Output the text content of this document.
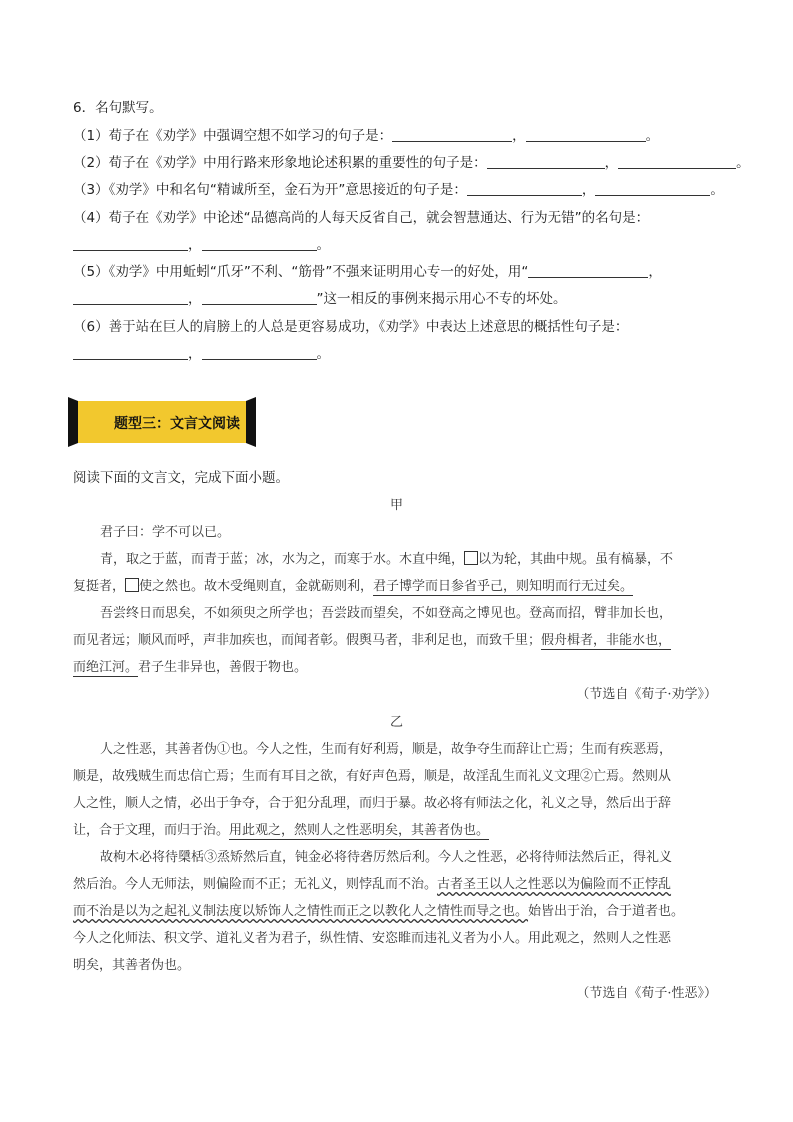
6．名句默写。
（1）荀子在《劝学》中强调空想不如学习的句子是：	，	。
（2）荀子在《劝学》中用行路来形象地论述积累的重要性的句子是：	，	。
（3）《劝学》中和名句“精诚所至，金石为开”意思接近的句子是：	，	。
（4）荀子在《劝学》中论述“品德高尚的人每天反省自己，就会智慧通达、行为无错”的名句是：
，	。
（5）《劝学》中用蚯蚓“爪牙”不利、“筋骨”不强来证明用心专一的好处，用“	，
，	”这一相反的事例来揭示用心不专的坏处。
（6）善于站在巨人的肩膀上的人总是更容易成功，《劝学》中表达上述意思的概括性句子是：
，	。
题型三：文言文阅读
阅读下面的文言文，完成下面小题。
甲
君子曰：学不可以已。
青，取之于蓝，而青于蓝；冰，水为之，而寒于水。木直中绳， 以为轮，其曲中规。虽有槁暴，不
复挺者， 使之然也。故木受绳则直，金就砺则利，君子博学而日参省乎己，则知明而行无过矣。
吾尝终日而思矣，不如须臾之所学也；吾尝跂而望矣，不如登高之博见也。登高而招，臂非加长也，
而见者远；顺风而呼，声非加疾也，而闻者彰。假舆马者，非利足也，而致千里；假舟楫者，非能水也，
而绝江河。君子生非异也，善假于物也。
（节选自《荀子·劝学》）
乙
人之性恶，其善者伪①也。今人之性，生而有好利焉，顺是，故争夺生而辞让亡焉；生而有疾恶焉，
顺是，故残贼生而忠信亡焉；生而有耳目之欲，有好声色焉，顺是，故淫乱生而礼义文理②亡焉。然则从
人之性，顺人之情，必出于争夺，合于犯分乱理，而归于暴。故必将有师法之化，礼义之导，然后出于辞
让，合于文理，而归于治。用此观之，然则人之性恶明矣，其善者伪也。
故枸木必将待檃栝③烝矫然后直，钝金必将待砻厉然后利。今人之性恶，必将待师法然后正，得礼义
然后治。今人无师法，则偏险而不正；无礼义，则悖乱而不治。古者圣王以人之性恶以为偏险而不正悖乱
而不治是以为之起礼义制法度以矫饰人之情性而正之以教化人之情性而导之也。始皆出于治，合于道者也。
今人之化师法、积文学、道礼义者为君子，纵性情、安恣睢而违礼义者为小人。用此观之，然则人之性恶
明矣，其善者伪也。
（节选自《荀子·性恶》）
